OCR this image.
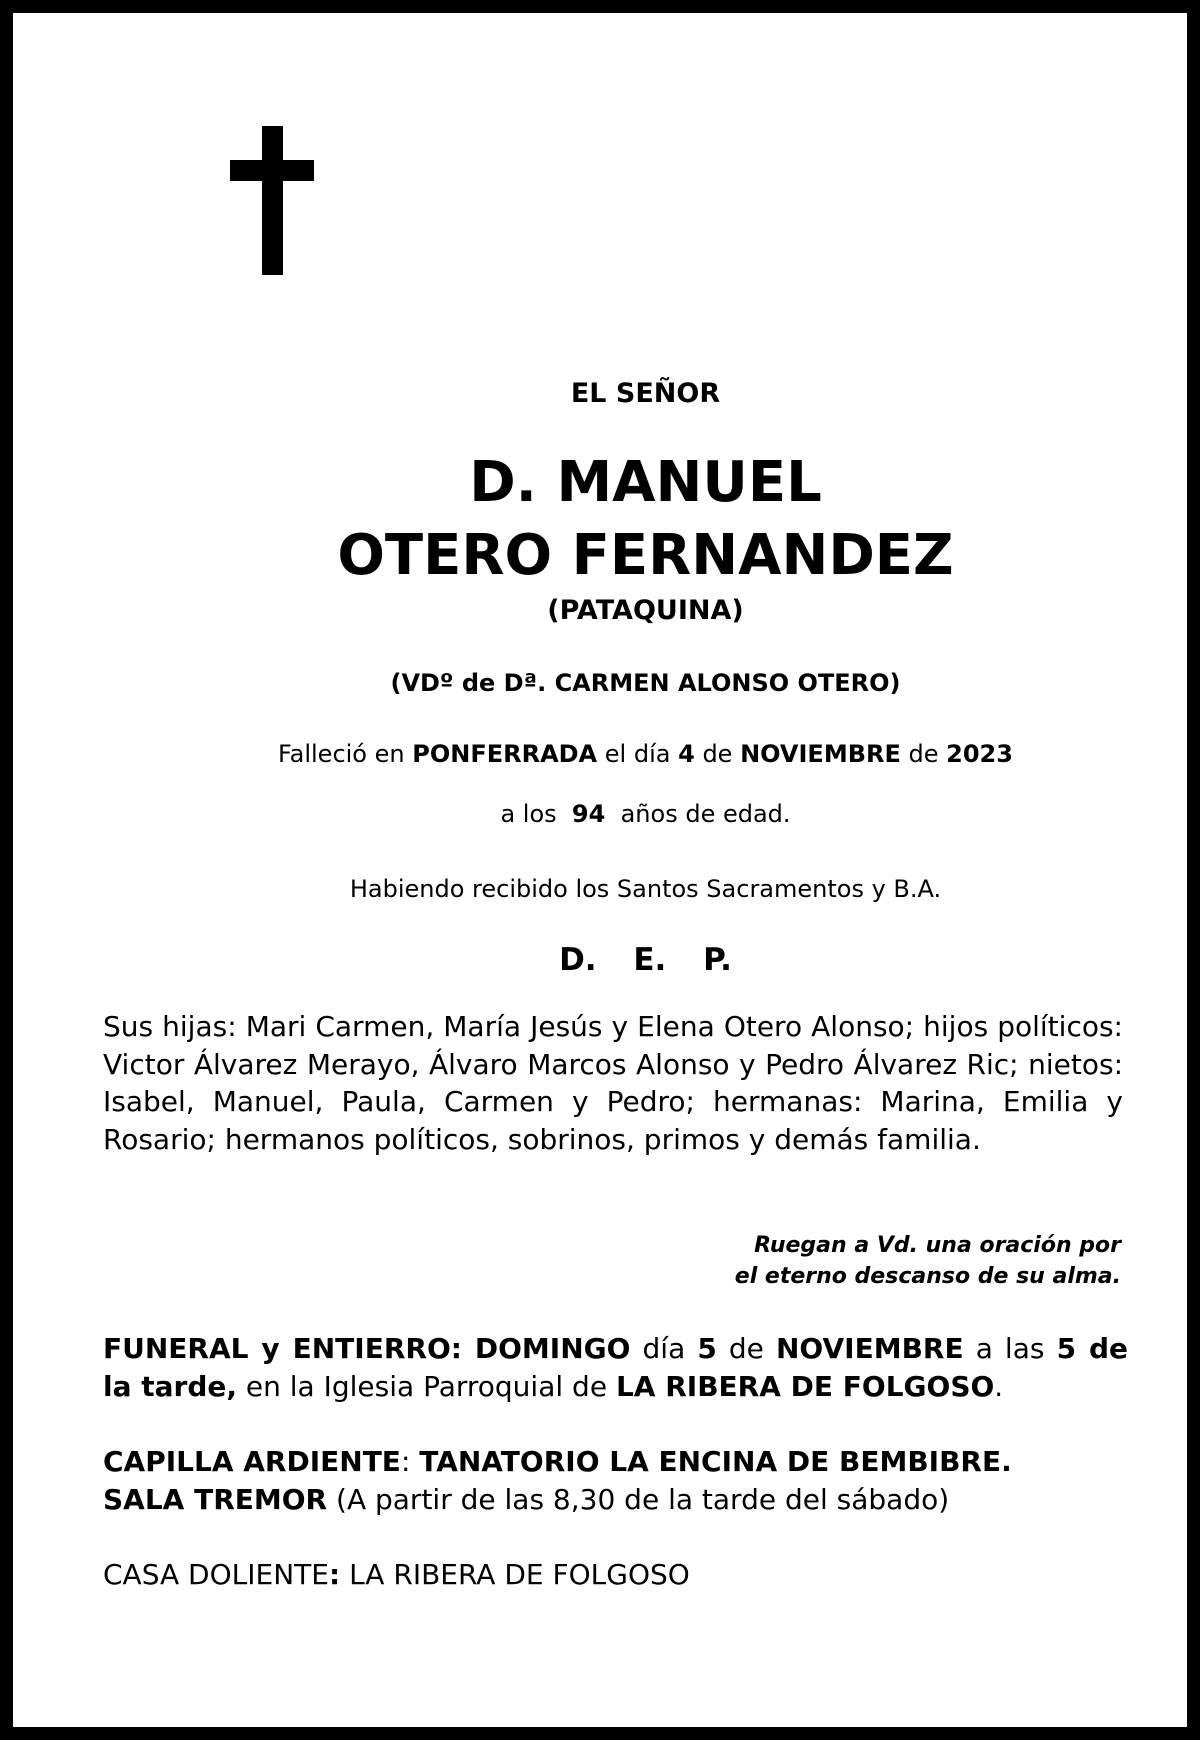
EL SEÑOR
D. MANUEL
OTERO FERNANDEZ
(PATAQUINA)
(VDº de Dª. CARMEN ALONSO OTERO)
Falleció en PONFERRADA el día 4 de NOVIEMBRE de 2023
a los 94 años de edad.
Habiendo recibido los Santos Sacramentos y B.A.
D. E. P.
Sus hijas: Mari Carmen, María Jesús y Elena Otero Alonso; hijos políticos: Victor Álvarez Merayo, Álvaro Marcos Alonso y Pedro Álvarez Ric; nietos: Isabel, Manuel, Paula, Carmen y Pedro; hermanas: Marina, Emilia y Rosario; hermanos políticos, sobrinos, primos y demás familia.
Ruegan a Vd. una oración por
el eterno descanso de su alma.
FUNERAL y ENTIERRO: DOMINGO día 5 de NOVIEMBRE a las 5 de la tarde, en la Iglesia Parroquial de LA RIBERA DE FOLGOSO.
CAPILLA ARDIENTE: TANATORIO LA ENCINA DE BEMBIBRE.
SALA TREMOR (A partir de las 8,30 de la tarde del sábado)
CASA DOLIENTE: LA RIBERA DE FOLGOSO
